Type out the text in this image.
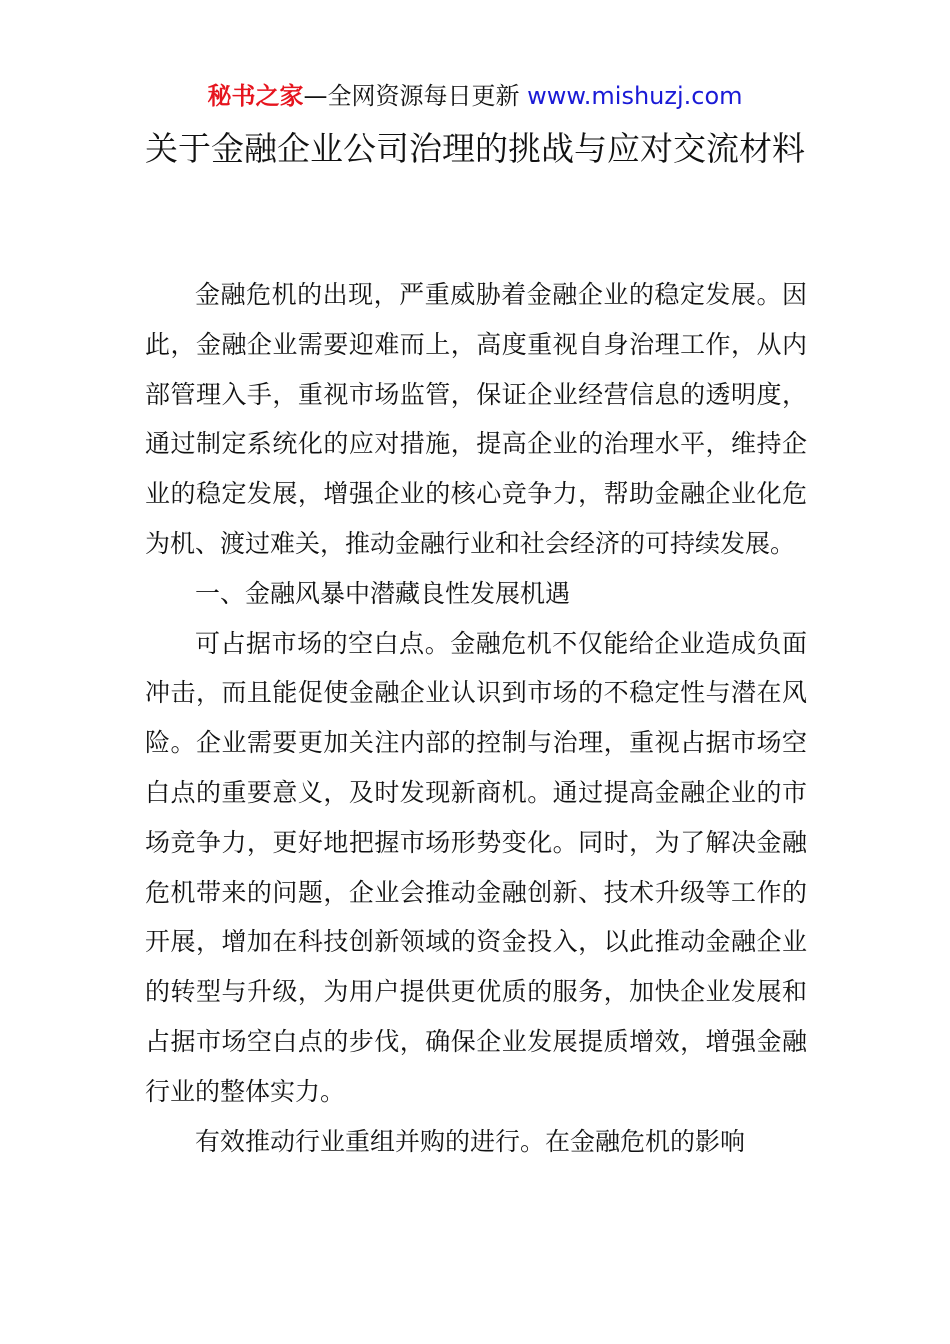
秘书之家—全网资源每日更新 www.mishuzj.com
关于金融企业公司治理的挑战与应对交流材料

金融危机的出现，严重威胁着金融企业的稳定发展。因此，金融企业需要迎难而上，高度重视自身治理工作，从内部管理入手，重视市场监管，保证企业经营信息的透明度，通过制定系统化的应对措施，提高企业的治理水平，维持企业的稳定发展，增强企业的核心竞争力，帮助金融企业化危为机、渡过难关，推动金融行业和社会经济的可持续发展。

一、金融风暴中潜藏良性发展机遇

可占据市场的空白点。金融危机不仅能给企业造成负面冲击，而且能促使金融企业认识到市场的不稳定性与潜在风险。企业需要更加关注内部的控制与治理，重视占据市场空白点的重要意义，及时发现新商机。通过提高金融企业的市场竞争力，更好地把握市场形势变化。同时，为了解决金融危机带来的问题，企业会推动金融创新、技术升级等工作的开展，增加在科技创新领域的资金投入，以此推动金融企业的转型与升级，为用户提供更优质的服务，加快企业发展和占据市场空白点的步伐，确保企业发展提质增效，增强金融行业的整体实力。

有效推动行业重组并购的进行。在金融危机的影响
